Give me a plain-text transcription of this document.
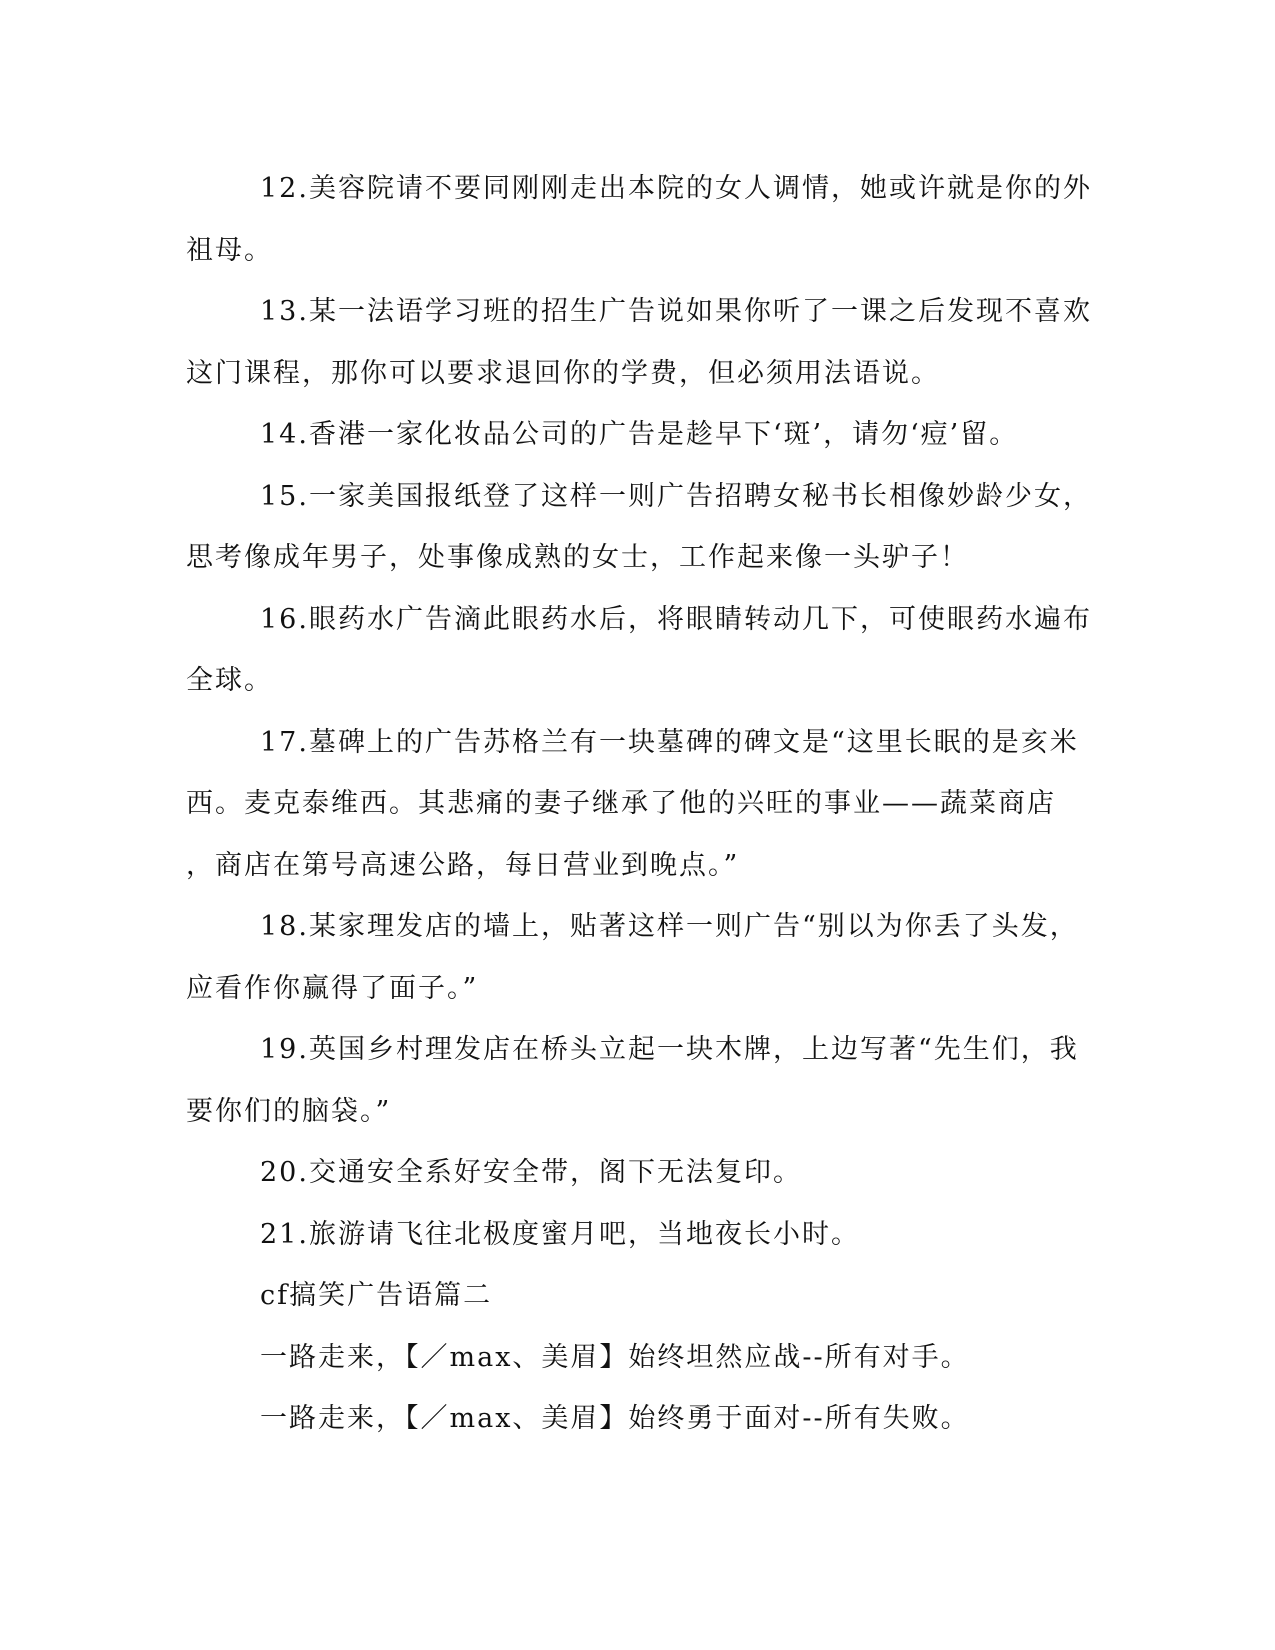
12.美容院请不要同刚刚走出本院的女人调情，她或许就是你的外
祖母。
13.某一法语学习班的招生广告说如果你听了一课之后发现不喜欢
这门课程，那你可以要求退回你的学费，但必须用法语说。
14.香港一家化妆品公司的广告是趁早下‘斑’，请勿‘痘’留。
15.一家美国报纸登了这样一则广告招聘女秘书长相像妙龄少女，
思考像成年男子，处事像成熟的女士，工作起来像一头驴子！
16.眼药水广告滴此眼药水后，将眼睛转动几下，可使眼药水遍布
全球。
17.墓碑上的广告苏格兰有一块墓碑的碑文是“这里长眠的是亥米
西。麦克泰维西。其悲痛的妻子继承了他的兴旺的事业——蔬菜商店
，商店在第号高速公路，每日营业到晚点。”
18.某家理发店的墙上，贴著这样一则广告“别以为你丢了头发，
应看作你赢得了面子。”
19.英国乡村理发店在桥头立起一块木牌，上边写著“先生们，我
要你们的脑袋。”
20.交通安全系好安全带，阁下无法复印。
21.旅游请飞往北极度蜜月吧，当地夜长小时。
cf搞笑广告语篇二
一路走来，【／max、美眉】始终坦然应战--所有对手。
一路走来，【／max、美眉】始终勇于面对--所有失败。
